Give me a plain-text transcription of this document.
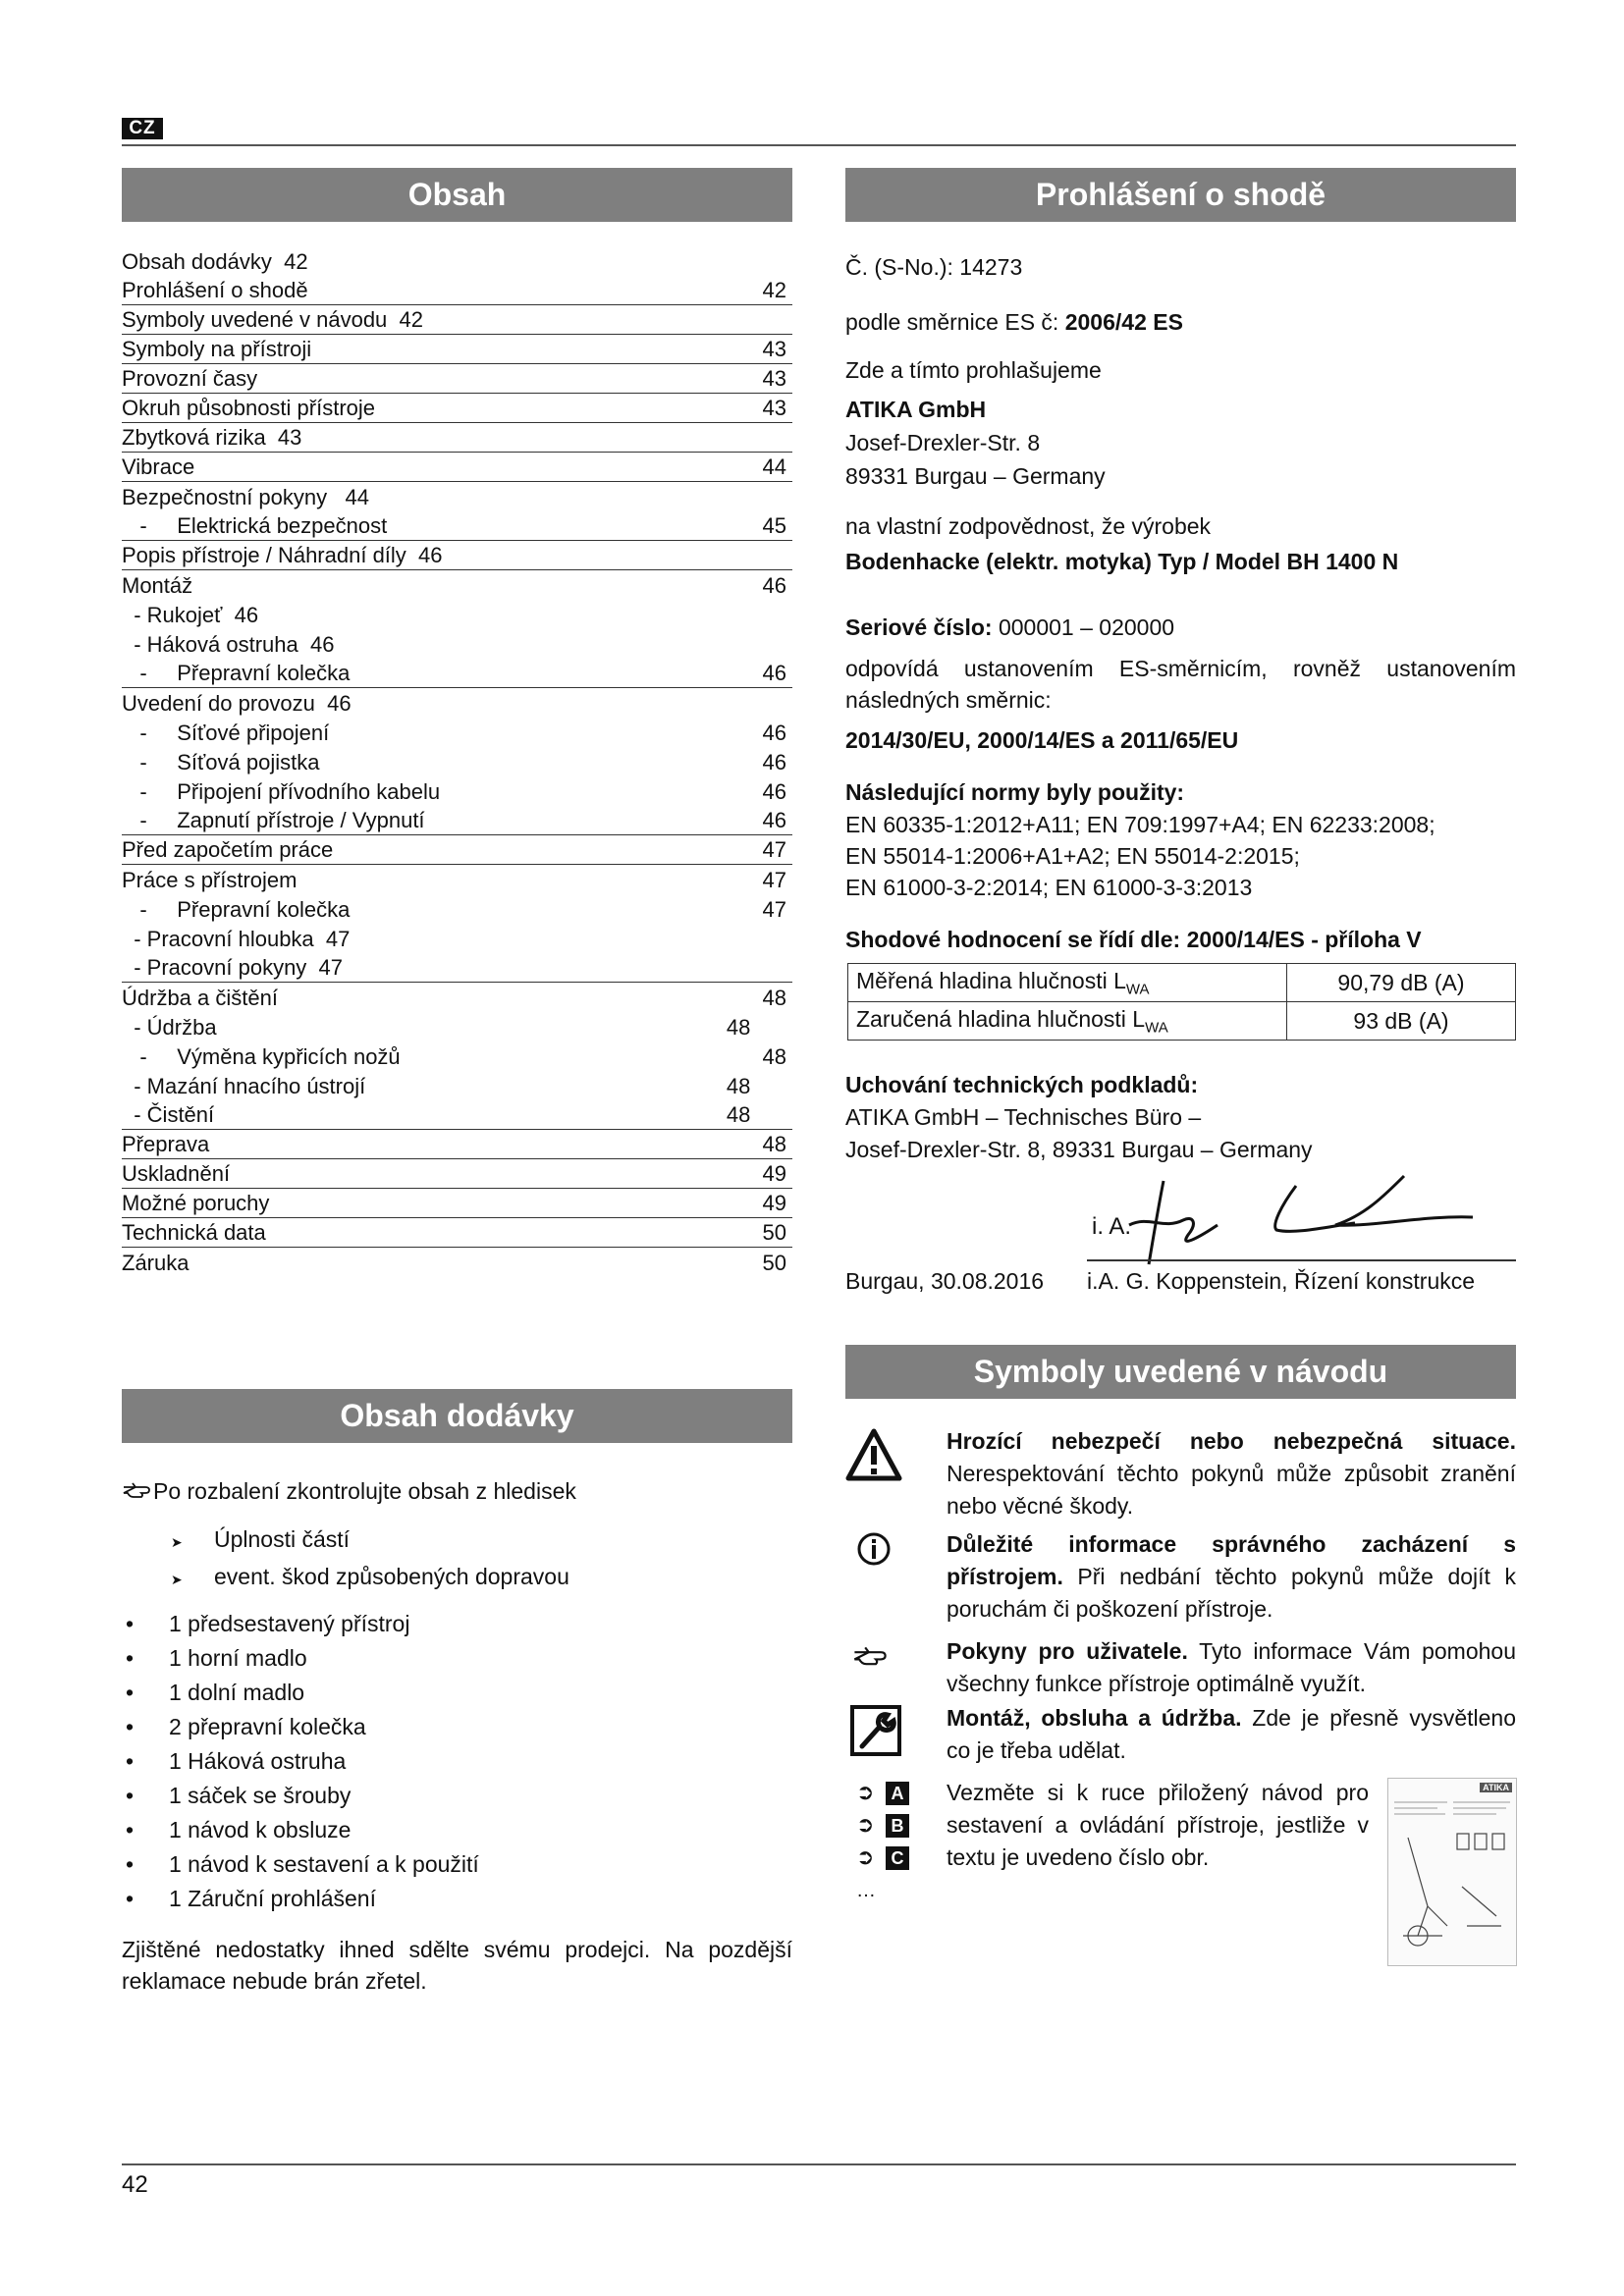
CZ
Obsah
Obsah dodávky  42
Prohlášení o shodě	42
Symboly uvedené v návodu  42
Symboly na přístroji	43
Provozní časy	43
Okruh působnosti přístroje	43
Zbytková rizika  43
Vibrace	44
Bezpečnostní pokyny   44
-     Elektrická bezpečnost	45
Popis přístroje / Náhradní díly  46
Montáž	46
- Rukojeť  46
- Háková ostruha  46
-     Přepravní kolečka	46
Uvedení do provozu  46
-     Síťové připojení	46
-     Síťová pojistka	46
-     Připojení přívodního kabelu	46
-     Zapnutí přístroje / Vypnutí	46
Před započetím práce	47
Práce s přístrojem	47
-     Přepravní kolečka	47
- Pracovní hloubka  47
- Pracovní pokyny  47
Údržba a čištění	48
- Údržba	48
-     Výměna kypřicích nožů	48
- Mazání hnacího ústrojí	48
- Čistění	48
Přeprava	48
Uskladnění	49
Možné poruchy	49
Technická data	50
Záruka	50
Obsah dodávky
Po rozbalení zkontrolujte obsah z hledisek
➤ Úplnosti částí
➤ event. škod způsobených dopravou
• 1 předsestavený přístroj
• 1 horní madlo
• 1 dolní madlo
• 2 přepravní kolečka
• 1 Háková ostruha
• 1 sáček se šrouby
• 1 návod k obsluze
• 1 návod k sestavení a k použití
• 1 Záruční prohlášení
Zjištěné nedostatky ihned sdělte svému prodejci. Na pozdější reklamace nebude brán zřetel.
Prohlášení o shodě
Č. (S-No.): 14273
podle směrnice ES č: 2006/42 ES
Zde a tímto prohlašujeme
ATIKA GmbH
Josef-Drexler-Str. 8
89331 Burgau – Germany
na vlastní zodpovědnost, že výrobek
Bodenhacke (elektr. motyka) Typ / Model BH 1400 N
Seriové číslo: 000001 – 020000
odpovídá ustanovením ES-směrnicím, rovněž ustanovením následných směrnic:
2014/30/EU, 2000/14/ES a 2011/65/EU
Následující normy byly použity:
EN 60335-1:2012+A11; EN 709:1997+A4; EN 62233:2008;
EN 55014-1:2006+A1+A2; EN 55014-2:2015;
EN 61000-3-2:2014; EN 61000-3-3:2013
Shodové hodnocení se řídí dle: 2000/14/ES - příloha V
Měřená hladina hlučnosti $L_{WA}$	90,79 dB (A)
Zaručená hladina hlučnosti $L_{WA}$	93 dB (A)
Uchování technických podkladů:
ATIKA GmbH – Technisches Büro –
Josef-Drexler-Str. 8, 89331 Burgau – Germany
i. A.
Burgau, 30.08.2016 i.A. G. Koppenstein, Řízení konstrukce
Symboly uvedené v návodu
Hrozící nebezpečí nebo nebezpečná situace. Nerespektování těchto pokynů může způsobit zranění nebo věcné škody.
Důležité informace správného zacházení s přístrojem. Při nedbání těchto pokynů může dojít k poruchám či poškození přístroje.
Pokyny pro uživatele. Tyto informace Vám pomohou všechny funkce přístroje optimálně využít.
Montáž, obsluha a údržba. Zde je přesně vysvětleno co je třeba udělat.
➲ A
➲ B
➲ C
…
Vezměte si k ruce přiložený návod pro sestavení a ovládání přístroje, jestliže v textu je uvedeno číslo obr.
ATIKA
42
